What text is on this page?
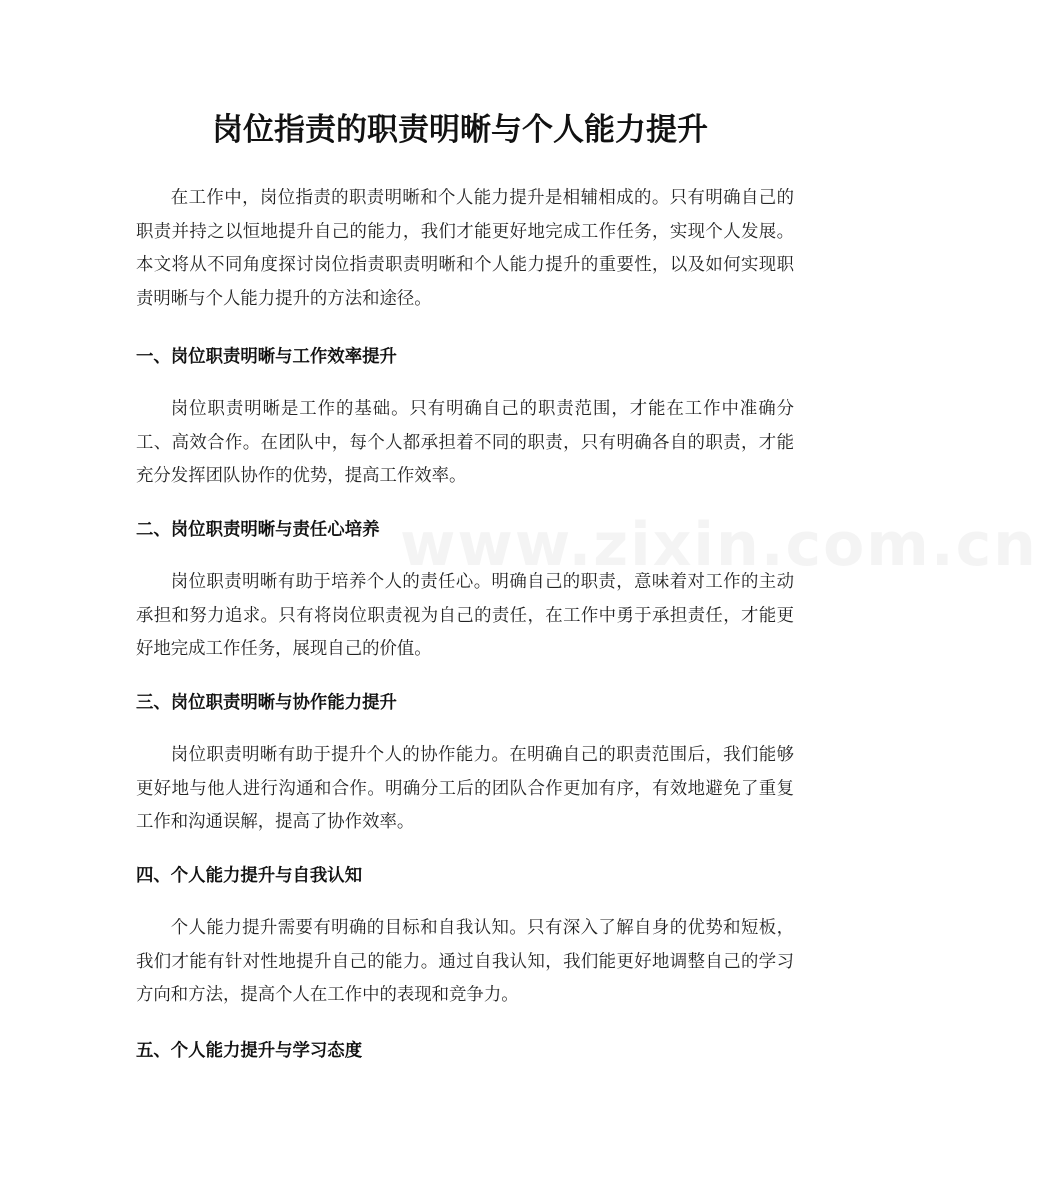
岗位指责的职责明晰与个人能力提升

在工作中，岗位指责的职责明晰和个人能力提升是相辅相成的。只有明确自己的职责并持之以恒地提升自己的能力，我们才能更好地完成工作任务，实现个人发展。本文将从不同角度探讨岗位指责职责明晰和个人能力提升的重要性，以及如何实现职责明晰与个人能力提升的方法和途径。

一、岗位职责明晰与工作效率提升

岗位职责明晰是工作的基础。只有明确自己的职责范围，才能在工作中准确分工、高效合作。在团队中，每个人都承担着不同的职责，只有明确各自的职责，才能充分发挥团队协作的优势，提高工作效率。

二、岗位职责明晰与责任心培养

岗位职责明晰有助于培养个人的责任心。明确自己的职责，意味着对工作的主动承担和努力追求。只有将岗位职责视为自己的责任，在工作中勇于承担责任，才能更好地完成工作任务，展现自己的价值。

三、岗位职责明晰与协作能力提升

岗位职责明晰有助于提升个人的协作能力。在明确自己的职责范围后，我们能够更好地与他人进行沟通和合作。明确分工后的团队合作更加有序，有效地避免了重复工作和沟通误解，提高了协作效率。

四、个人能力提升与自我认知

个人能力提升需要有明确的目标和自我认知。只有深入了解自身的优势和短板，我们才能有针对性地提升自己的能力。通过自我认知，我们能更好地调整自己的学习方向和方法，提高个人在工作中的表现和竞争力。

五、个人能力提升与学习态度
www.zixin.com.cn
